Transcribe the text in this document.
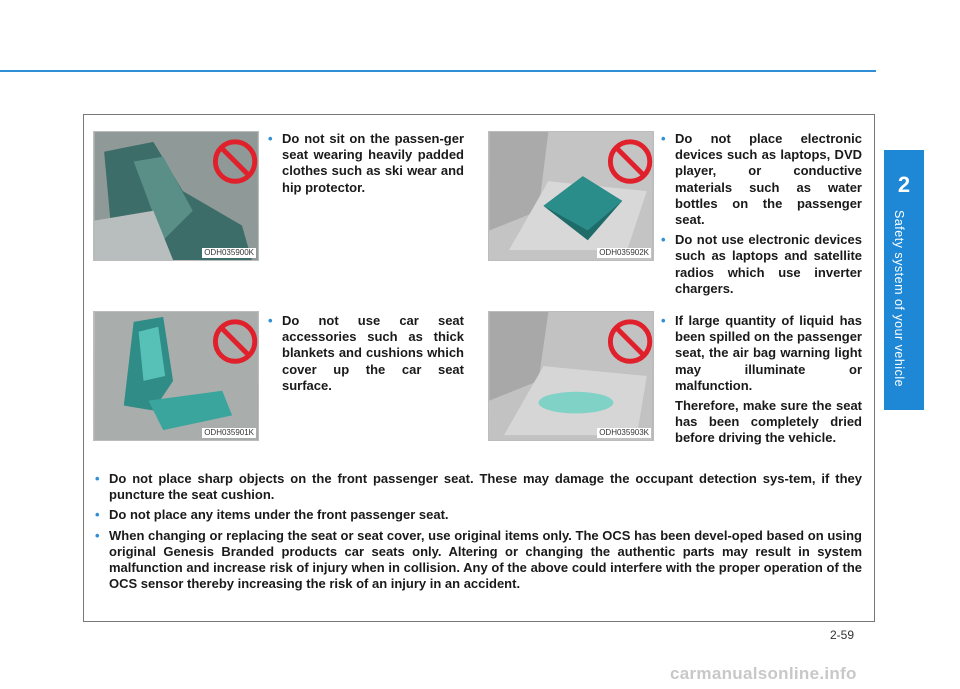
2
Safety system of your vehicle
ODH035900K

• Do not sit on the passen-ger seat wearing heavily padded clothes such as ski wear and hip protector.

ODH035902K

• Do not place electronic devices such as laptops, DVD player, or conductive materials such as water bottles on the passenger seat.

• Do not use electronic devices such as laptops and satellite radios which use inverter chargers.

ODH035901K

• Do not use car seat accessories such as thick blankets and cushions which cover up the car seat surface.

ODH035903K

• If large quantity of liquid has been spilled on the passenger seat, the air bag warning light may illuminate or malfunction.

Therefore, make sure the seat has been completely dried before driving the vehicle.

• Do not place sharp objects on the front passenger seat. These may damage the occupant detection sys-tem, if they puncture the seat cushion.

• Do not place any items under the front passenger seat.

• When changing or replacing the seat or seat cover, use original items only. The OCS has been devel-oped based on using original Genesis Branded products car seats only. Altering or changing the authentic parts may result in system malfunction and increase risk of injury when in collision. Any of the above could interfere with the proper operation of the OCS sensor thereby increasing the risk of an injury in an accident.

2-59
carmanualsonline.info
